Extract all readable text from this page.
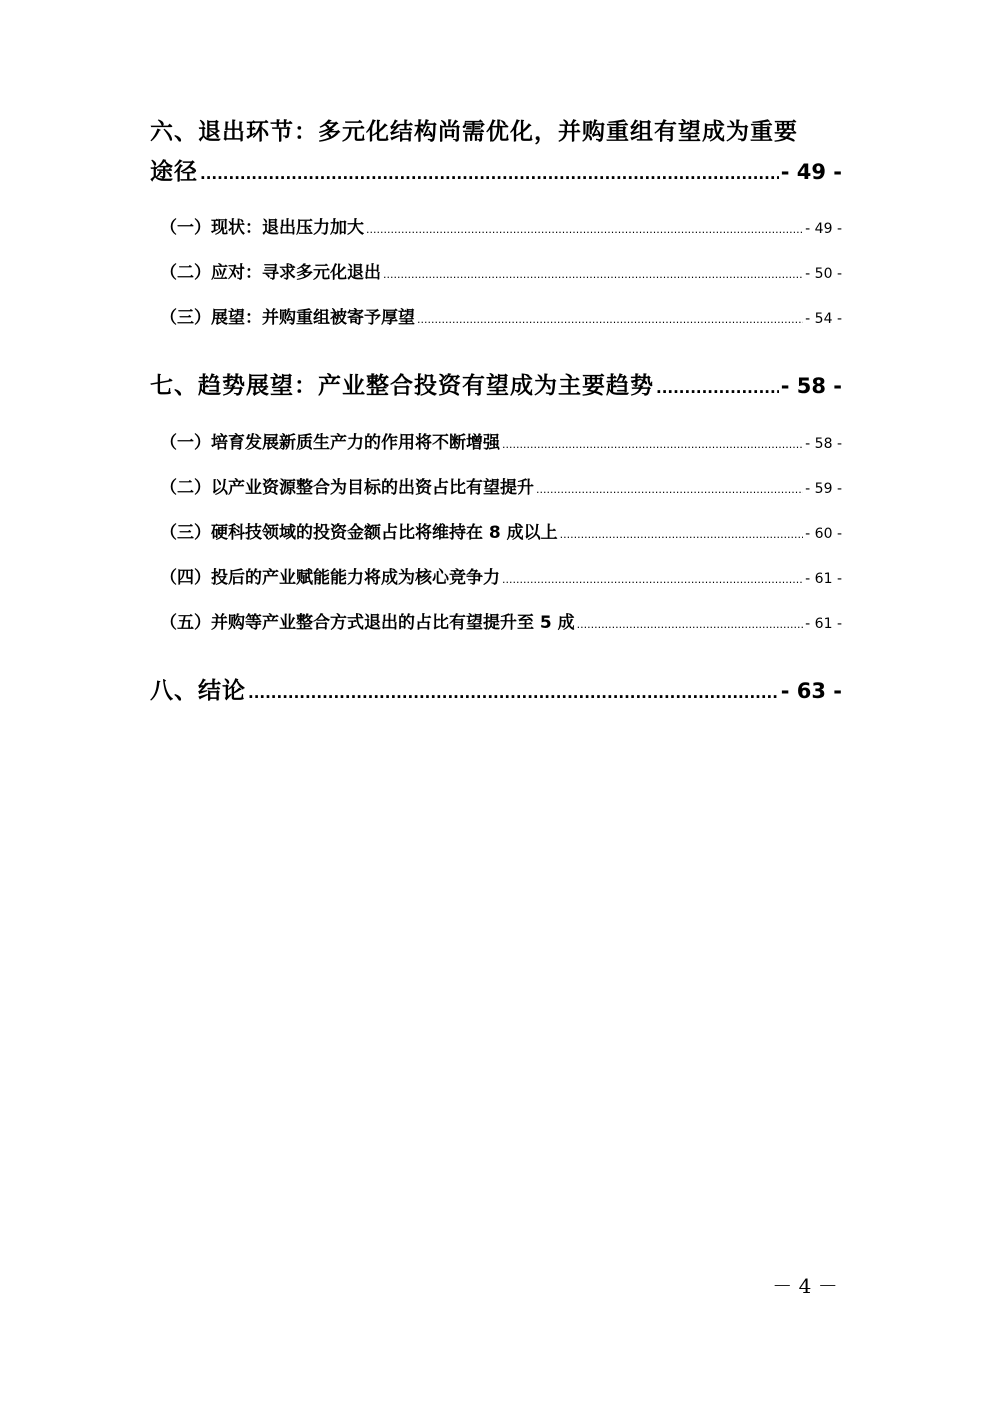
六、退出环节：多元化结构尚需优化，并购重组有望成为重要
途径 .....	- 49 -
（一）现状：退出压力加大 .....	- 49 -
（二）应对：寻求多元化退出 .....	- 50 -
（三）展望：并购重组被寄予厚望 .....	- 54 -
七、趋势展望：产业整合投资有望成为主要趋势 .....	- 58 -
（一）培育发展新质生产力的作用将不断增强 .....	- 58 -
（二）以产业资源整合为目标的出资占比有望提升 .....	- 59 -
（三）硬科技领域的投资金额占比将维持在 8 成以上 .....	- 60 -
（四）投后的产业赋能能力将成为核心竞争力 .....	- 61 -
（五）并购等产业整合方式退出的占比有望提升至 5 成 .....	- 61 -
八、结论 .....	- 63 -
－ 4 －
